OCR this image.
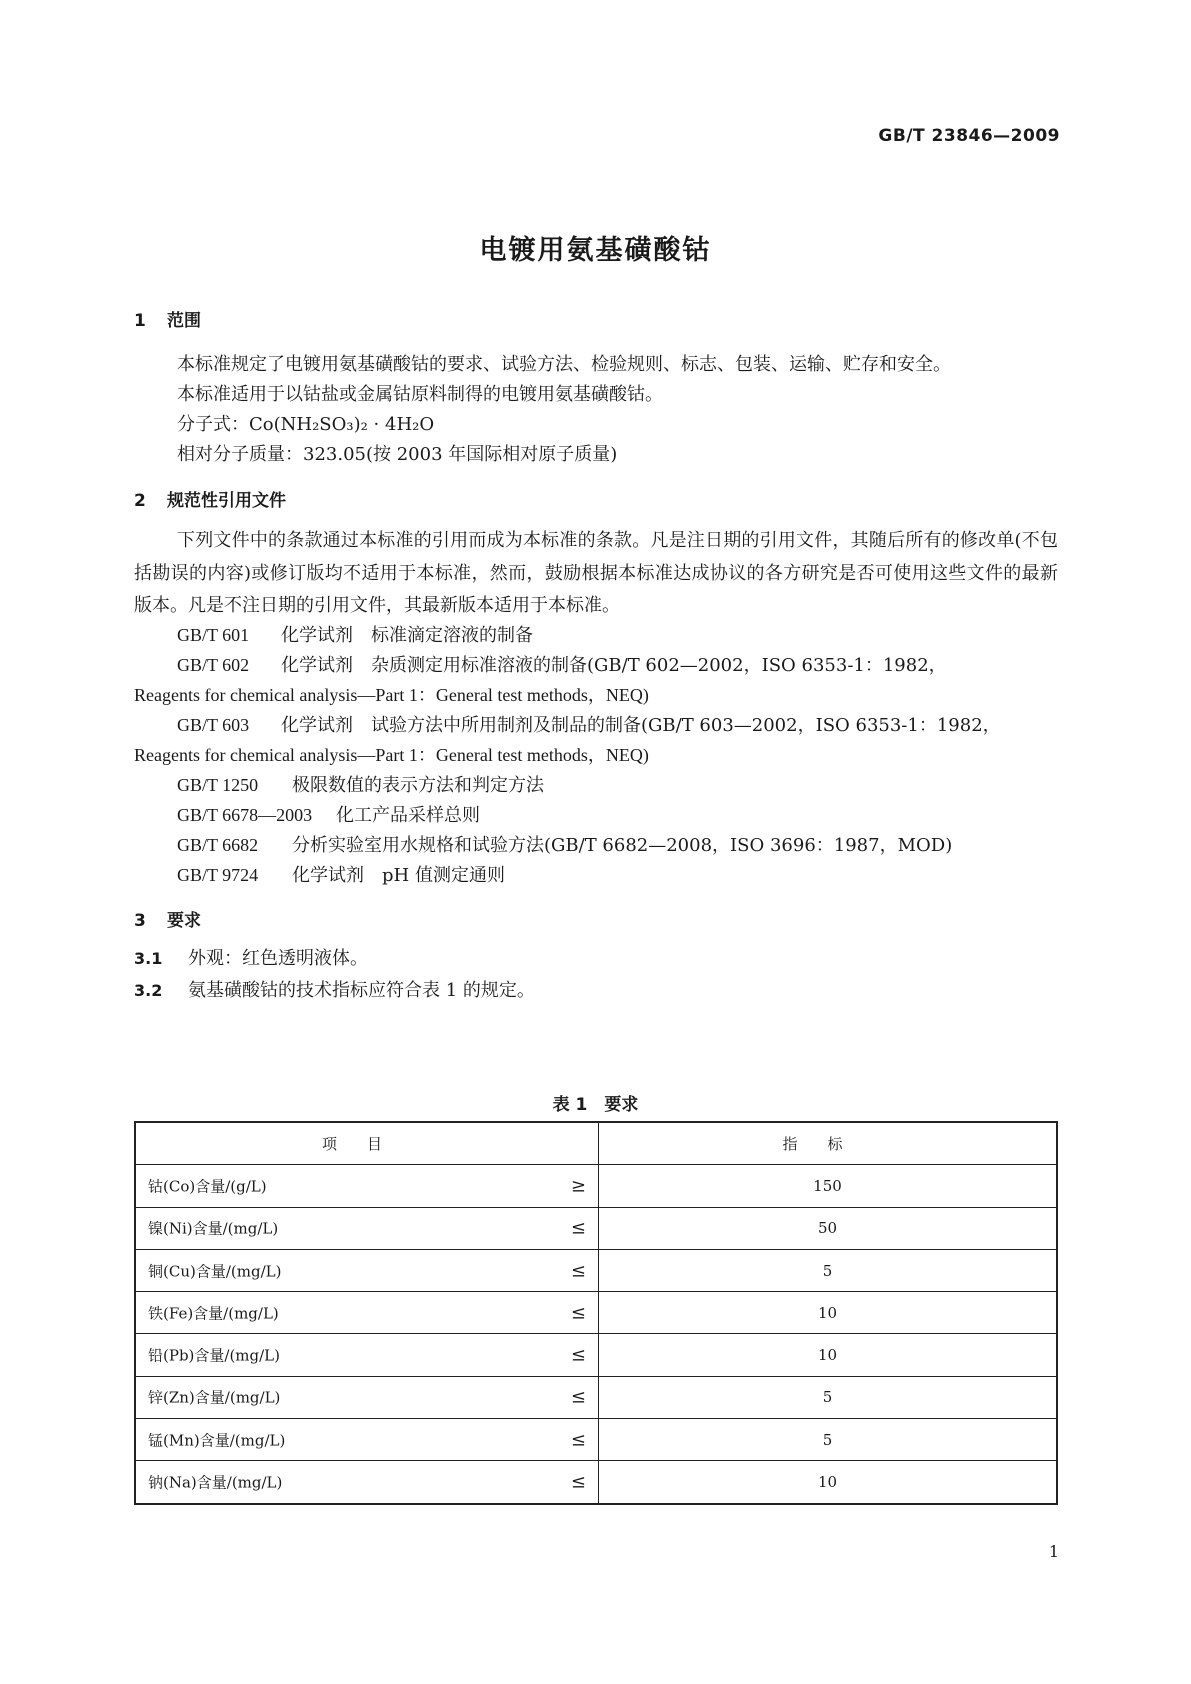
GB/T 23846—2009
电镀用氨基磺酸钴
1 范围
本标准规定了电镀用氨基磺酸钴的要求、试验方法、检验规则、标志、包装、运输、贮存和安全。
本标准适用于以钴盐或金属钴原料制得的电镀用氨基磺酸钴。
分子式：Co(NH₂SO₃)₂ · 4H₂O
相对分子质量：323.05(按 2003 年国际相对原子质量)
2 规范性引用文件
下列文件中的条款通过本标准的引用而成为本标准的条款。凡是注日期的引用文件，其随后所有的修改单(不包括勘误的内容)或修订版均不适用于本标准，然而，鼓励根据本标准达成协议的各方研究是否可使用这些文件的最新版本。凡是不注日期的引用文件，其最新版本适用于本标准。
GB/T 601 化学试剂　标准滴定溶液的制备
GB/T 602 化学试剂　杂质测定用标准溶液的制备(GB/T 602—2002，ISO 6353-1：1982，
Reagents for chemical analysis—Part 1：General test methods，NEQ)
GB/T 603 化学试剂　试验方法中所用制剂及制品的制备(GB/T 603—2002，ISO 6353-1：1982，
Reagents for chemical analysis—Part 1：General test methods，NEQ)
GB/T 1250 极限数值的表示方法和判定方法
GB/T 6678—2003 化工产品采样总则
GB/T 6682 分析实验室用水规格和试验方法(GB/T 6682—2008，ISO 3696：1987，MOD)
GB/T 9724 化学试剂　pH 值测定通则
3 要求
3.1 外观：红色透明液体。
3.2 氨基磺酸钴的技术指标应符合表 1 的规定。
表 1　要求
项目	指标

钴(Co)含量/(g/L) ≥	150

镍(Ni)含量/(mg/L) ≤	50

铜(Cu)含量/(mg/L) ≤	5

铁(Fe)含量/(mg/L) ≤	10

铅(Pb)含量/(mg/L) ≤	10

锌(Zn)含量/(mg/L) ≤	5

锰(Mn)含量/(mg/L) ≤	5

钠(Na)含量/(mg/L) ≤	10
1
